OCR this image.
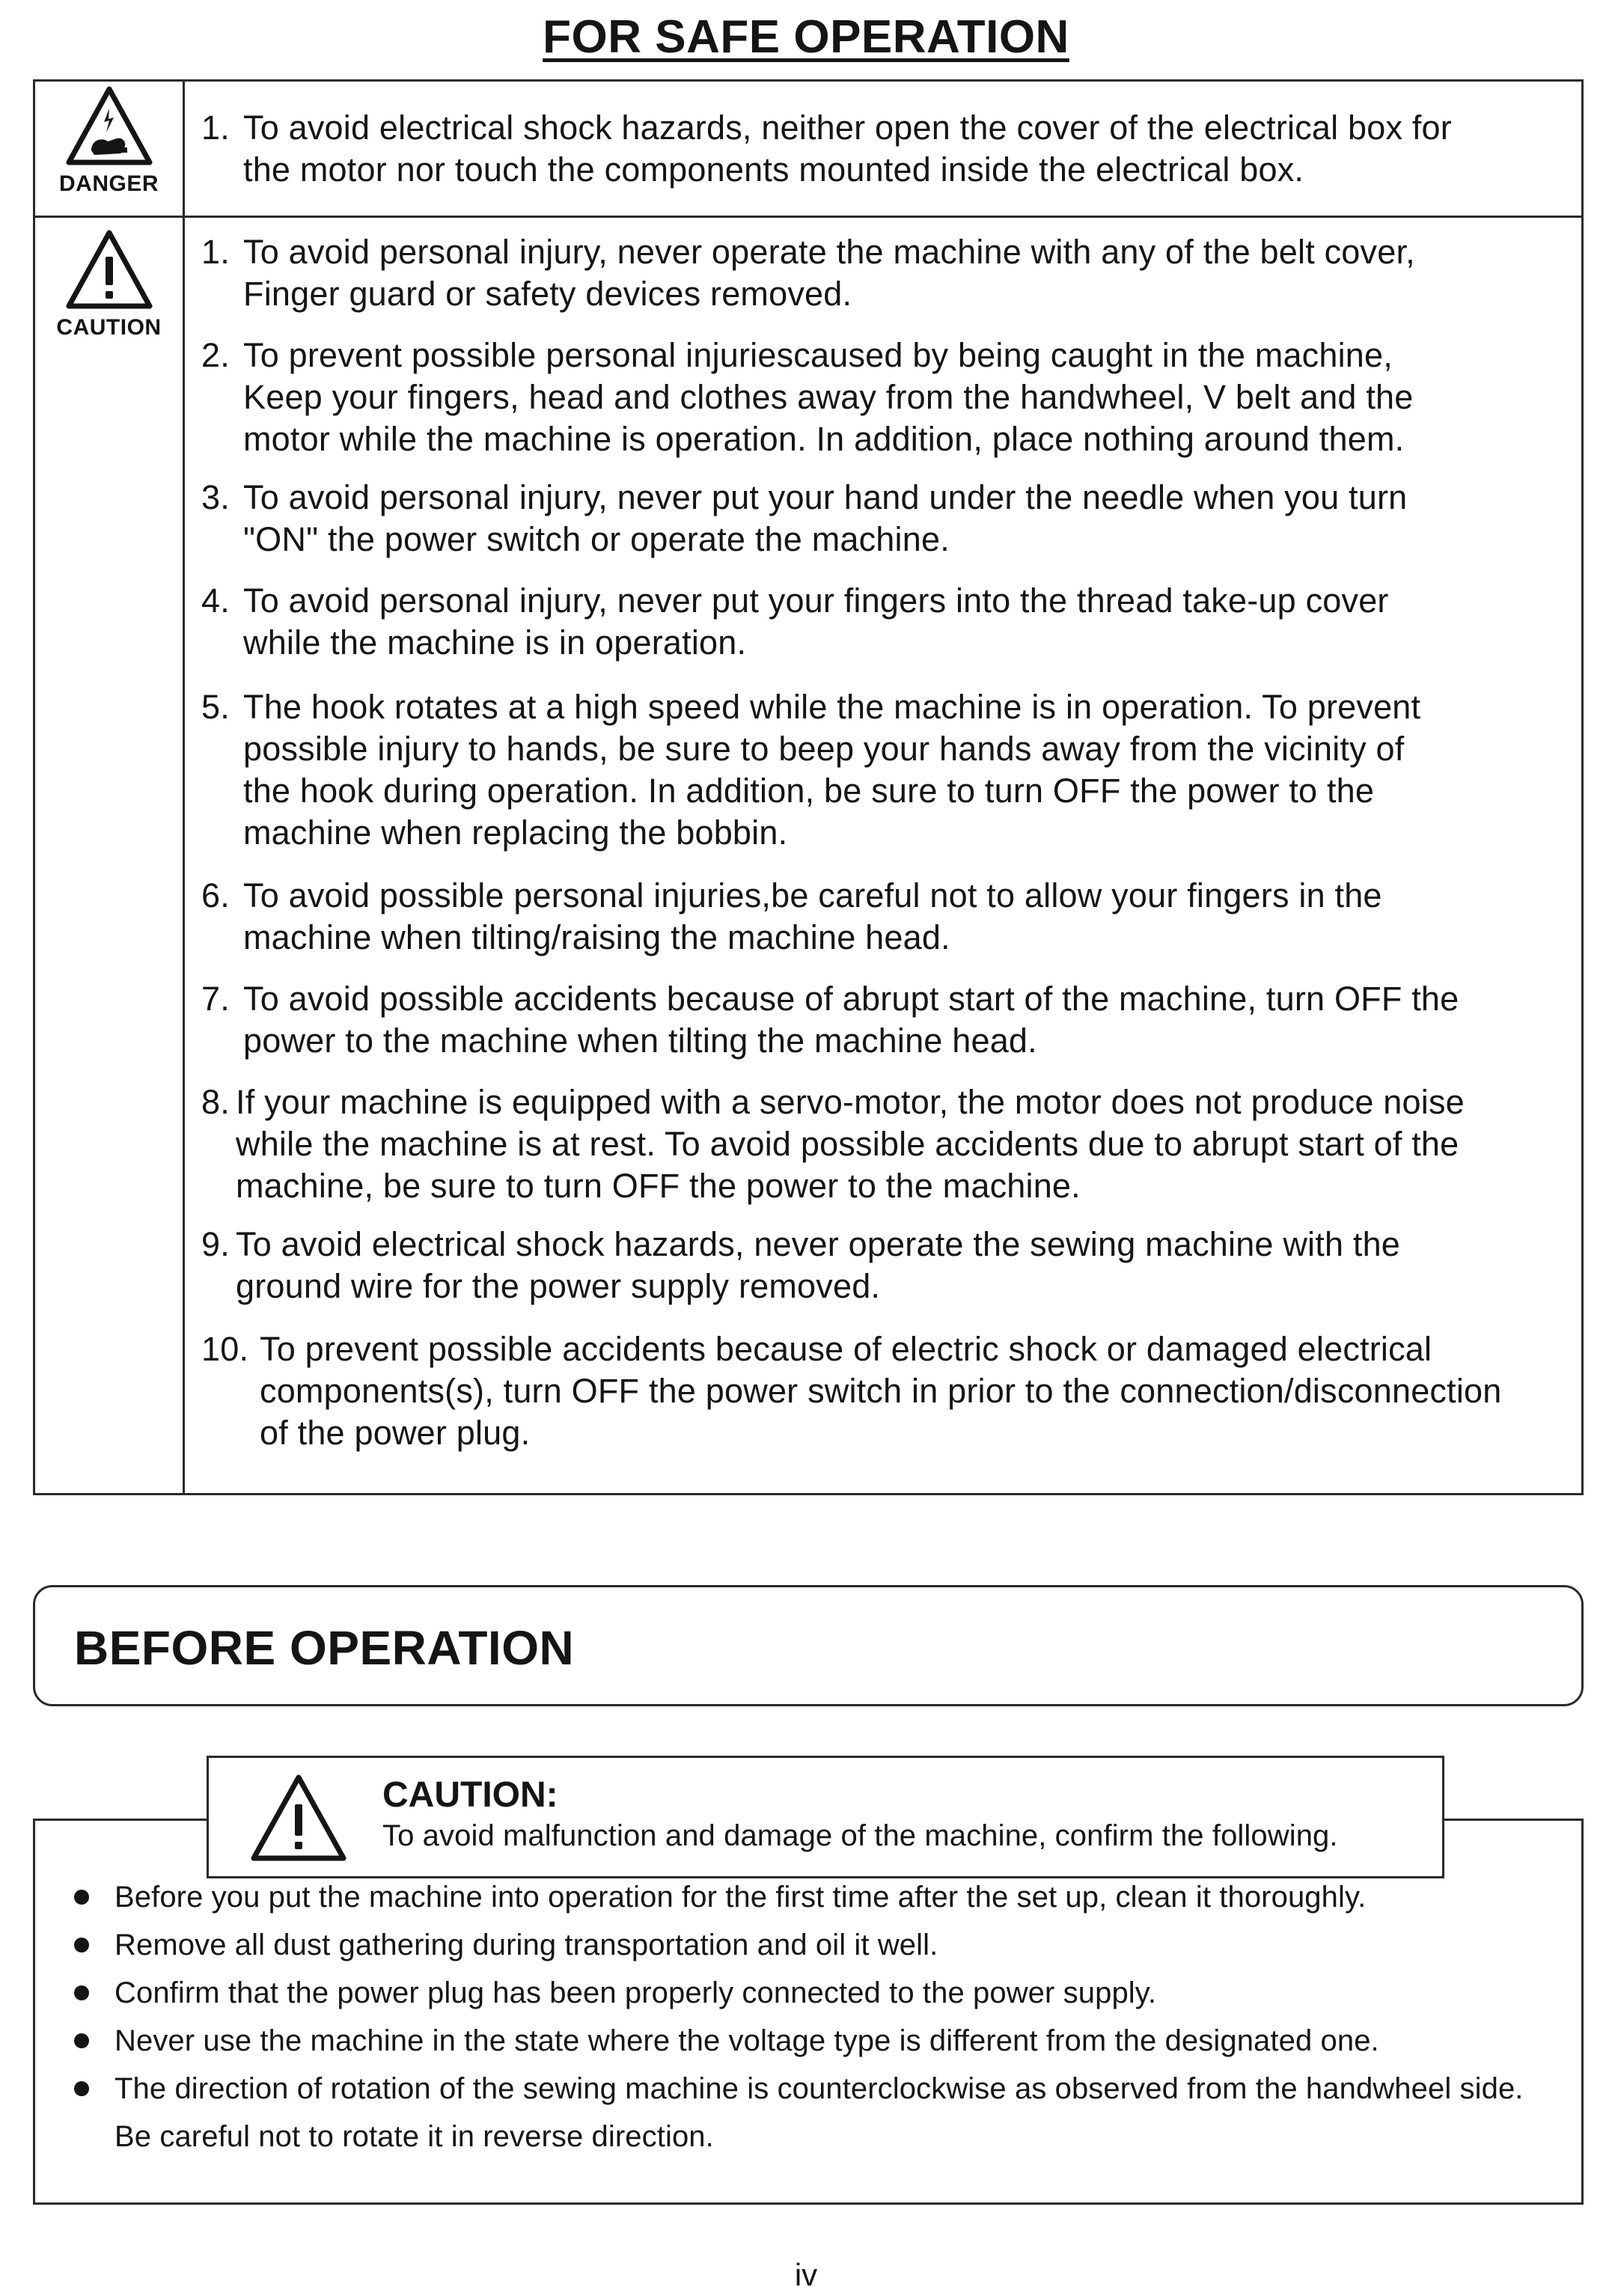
FOR SAFE OPERATION
DANGER
CAUTION
1. To avoid electrical shock hazards, neither open the cover of the electrical box for
the motor nor touch the components mounted inside the electrical box.
1. To avoid personal injury, never operate the machine with any of the belt cover,
Finger guard or safety devices removed.
2. To prevent possible personal injuriescaused by being caught in the machine,
Keep your fingers, head and clothes away from the handwheel, V belt and the
motor while the machine is operation. In addition, place nothing around them.
3. To avoid personal injury, never put your hand under the needle when you turn
"ON" the power switch or operate the machine.
4. To avoid personal injury, never put your fingers into the thread take-up cover
while the machine is in operation.
5. The hook rotates at a high speed while the machine is in operation. To prevent
possible injury to hands, be sure to beep your hands away from the vicinity of
the hook during operation. In addition, be sure to turn OFF the power to the
machine when replacing the bobbin.
6. To avoid possible personal injuries,be careful not to allow your fingers in the
machine when tilting/raising the machine head.
7. To avoid possible accidents because of abrupt start of the machine, turn OFF the
power to the machine when tilting the machine head.
8. If your machine is equipped with a servo-motor, the motor does not produce noise
while the machine is at rest. To avoid possible accidents due to abrupt start of the
machine, be sure to turn OFF the power to the machine.
9. To avoid electrical shock hazards, never operate the sewing machine with the
ground wire for the power supply removed.
10. To prevent possible accidents because of electric shock or damaged electrical
components(s), turn OFF the power switch in prior to the connection/disconnection
of the power plug.
BEFORE OPERATION
Before you put the machine into operation for the first time after the set up, clean it thoroughly.
Remove all dust gathering during transportation and oil it well.
Confirm that the power plug has been properly connected to the power supply.
Never use the machine in the state where the voltage type is different from the designated one.
The direction of rotation of the sewing machine is counterclockwise as observed from the handwheel side. Be careful not to rotate it in reverse direction.
CAUTION:
To avoid malfunction and damage of the machine, confirm the following.
iv
